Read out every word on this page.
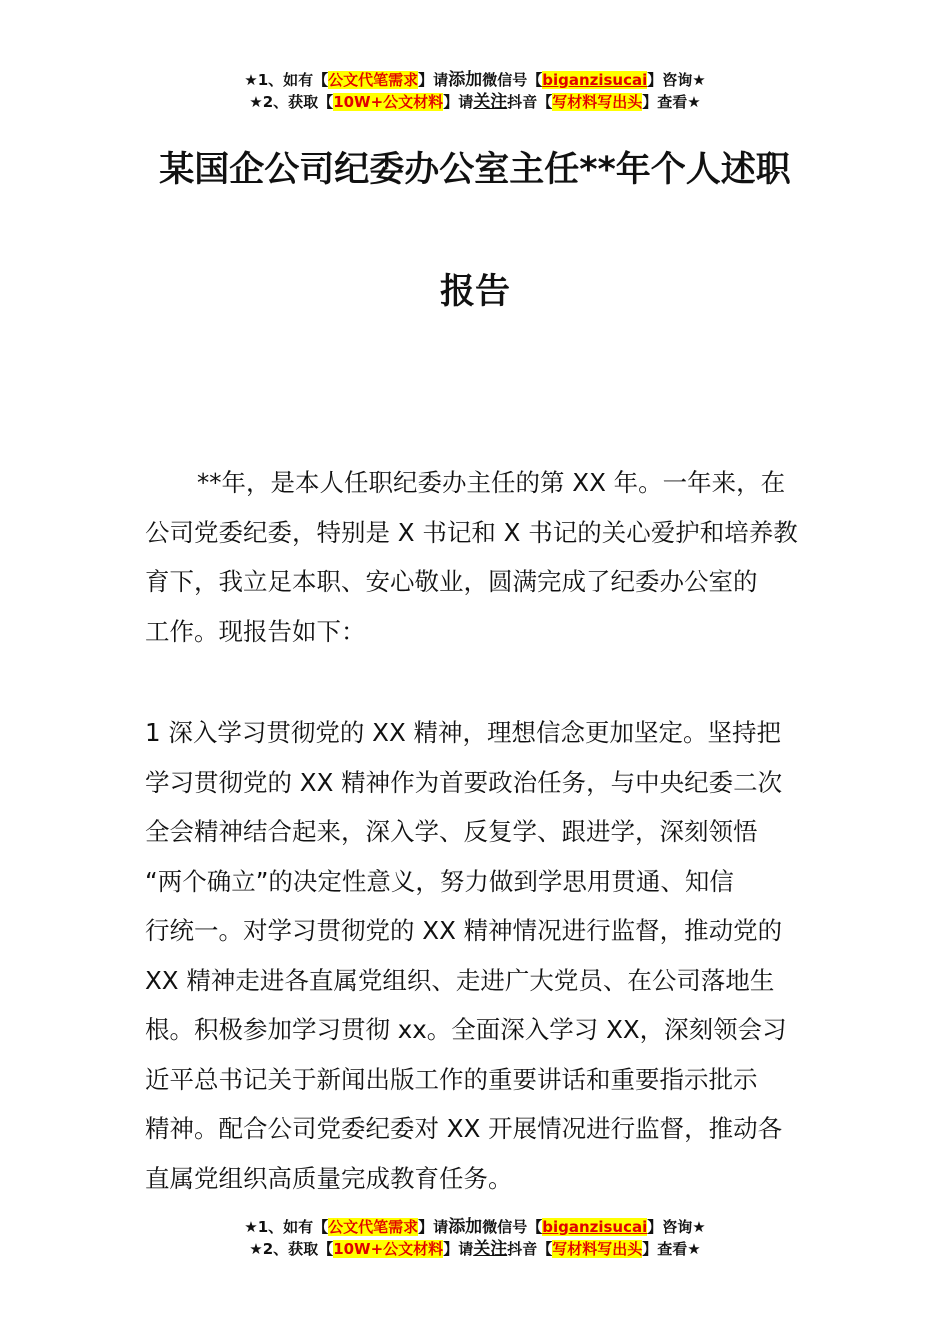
★1、如有【公文代笔需求】请添加微信号【biganzisucai】咨询★
★2、获取【10W+公文材料】请关注抖音【写材料写出头】查看★
某国企公司纪委办公室主任**年个人述职
报告
**年，是本人任职纪委办主任的第 XX 年。一年来，在
公司党委纪委，特别是 X 书记和 X 书记的关心爱护和培养教
育下，我立足本职、安心敬业，圆满完成了纪委办公室的
工作。现报告如下：
1 深入学习贯彻党的 XX 精神，理想信念更加坚定。坚持把
学习贯彻党的 XX 精神作为首要政治任务，与中央纪委二次
全会精神结合起来，深入学、反复学、跟进学，深刻领悟
“两个确立”的决定性意义，努力做到学思用贯通、知信
行统一。对学习贯彻党的 XX 精神情况进行监督，推动党的
XX 精神走进各直属党组织、走进广大党员、在公司落地生
根。积极参加学习贯彻 xx。全面深入学习 XX，深刻领会习
近平总书记关于新闻出版工作的重要讲话和重要指示批示
精神。配合公司党委纪委对 XX 开展情况进行监督，推动各
直属党组织高质量完成教育任务。
★1、如有【公文代笔需求】请添加微信号【biganzisucai】咨询★
★2、获取【10W+公文材料】请关注抖音【写材料写出头】查看★
